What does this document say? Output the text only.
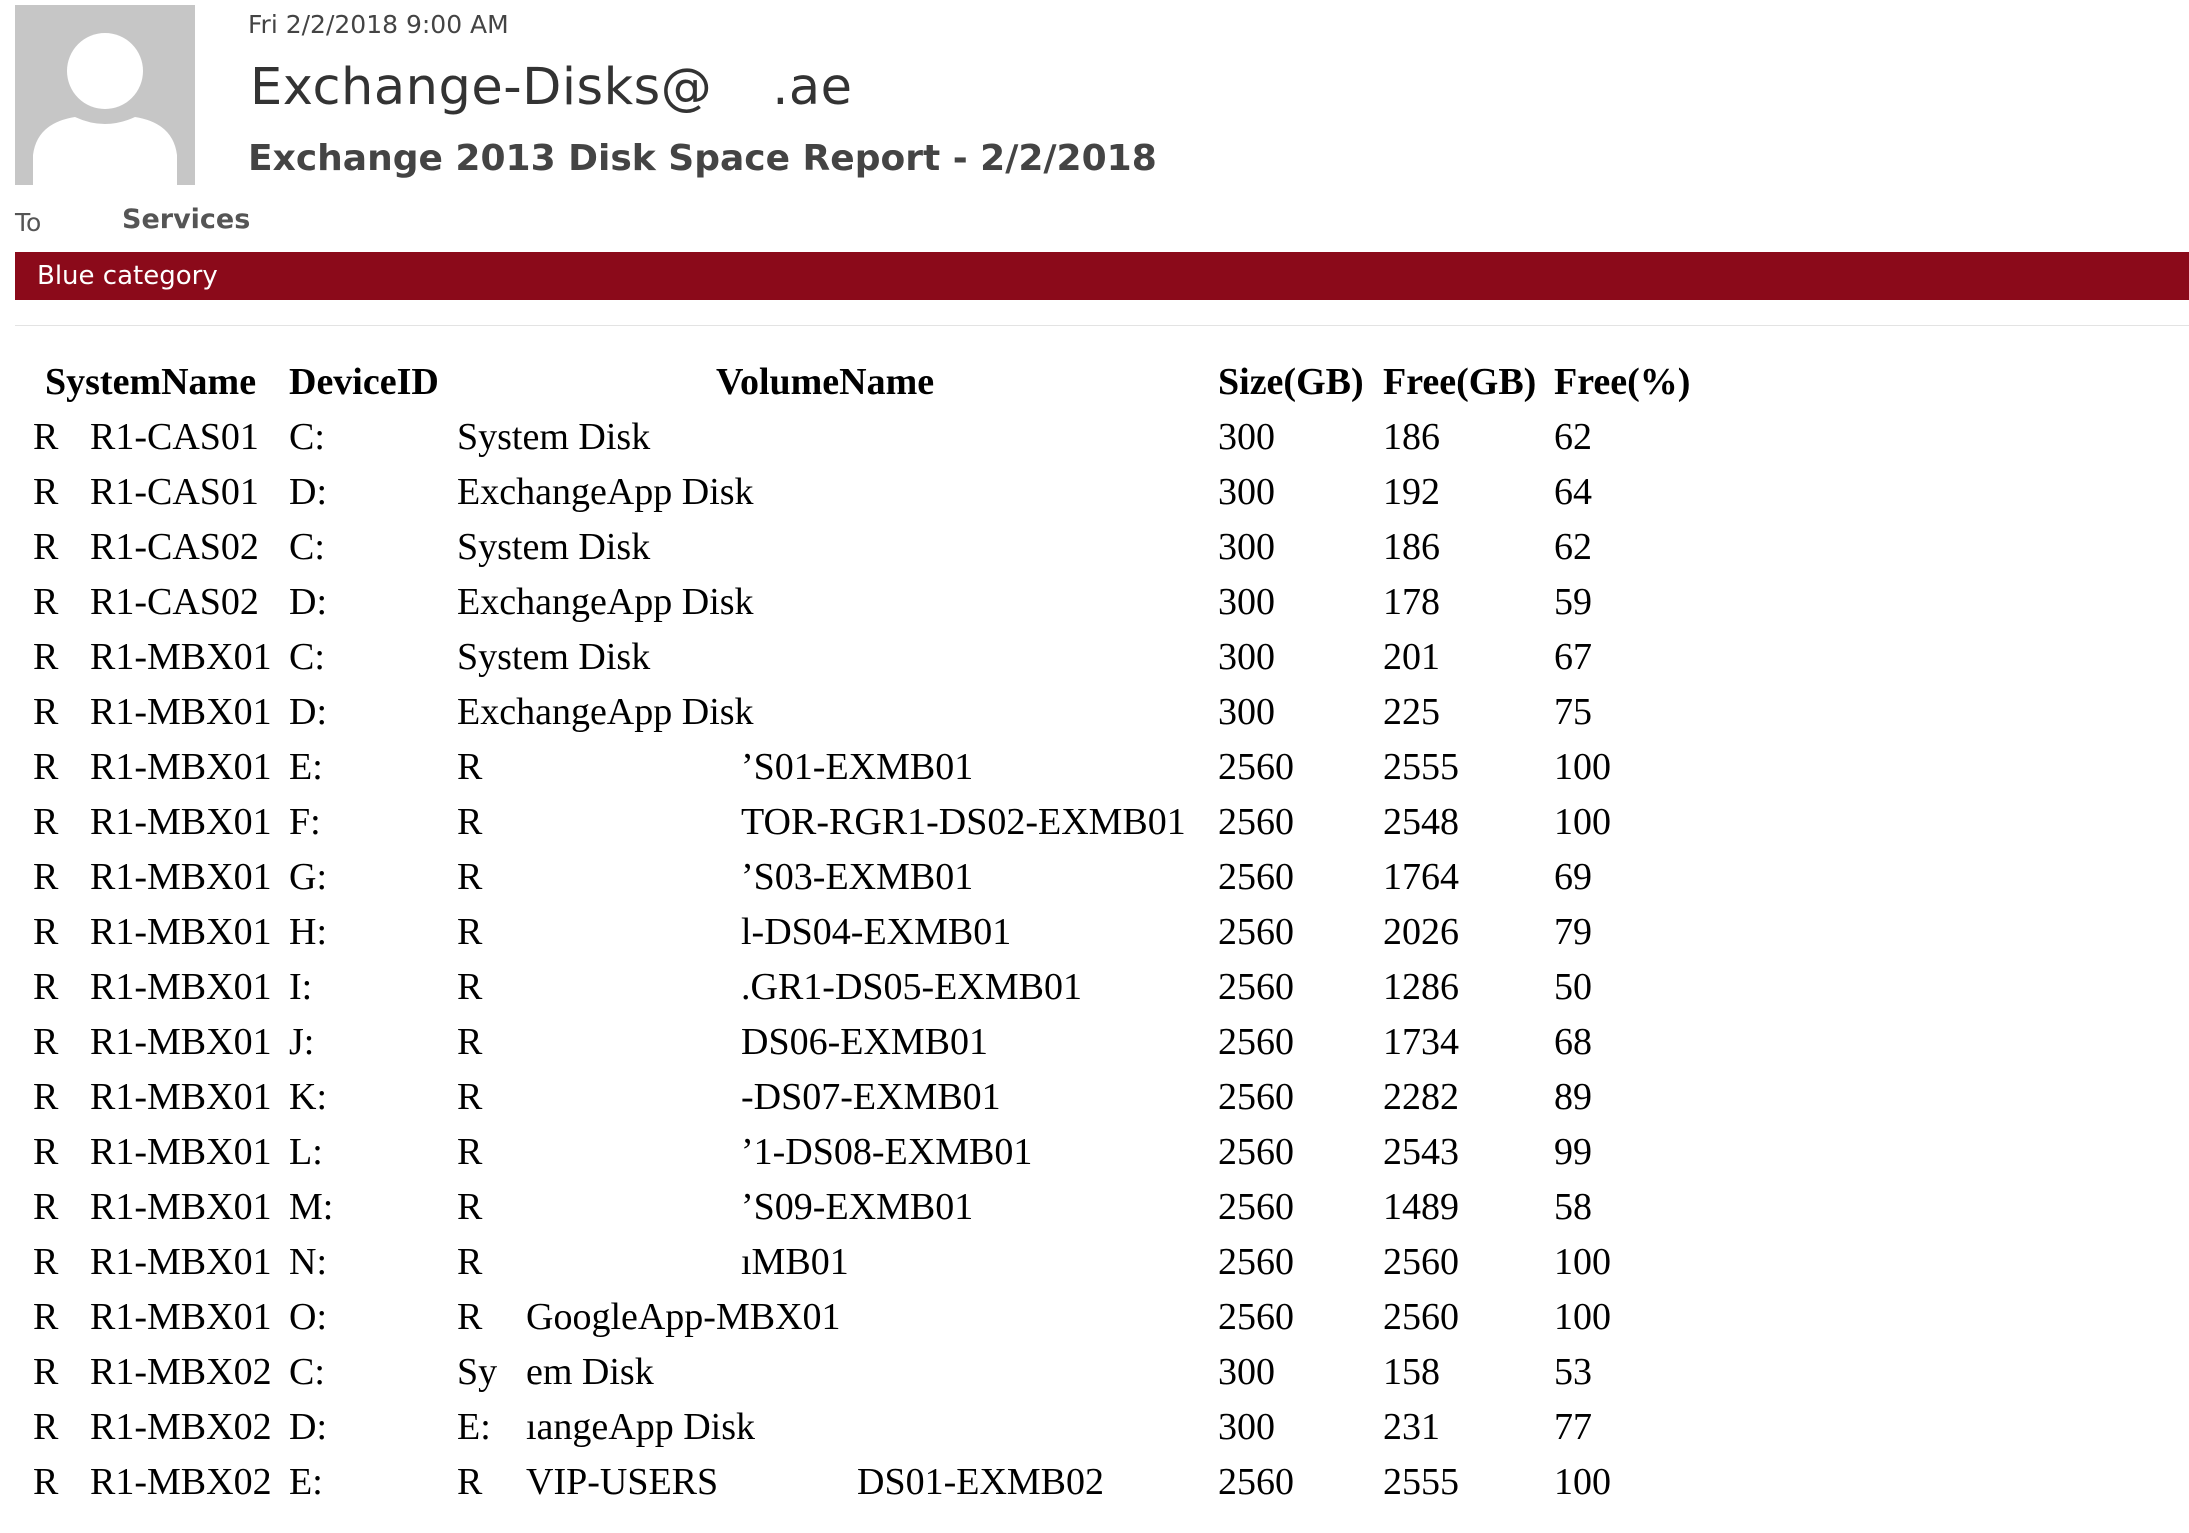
Fri 2/2/2018 9:00 AM
Exchange-Disks@ .ae
Exchange 2013 Disk Space Report - 2/2/2018
To	Services
Blue category
SystemName DeviceID	VolumeName	Size(GB) Free(GB) Free(%)
R R1-CAS01 C:	System Disk	300	186	62
R R1-CAS01 D:	ExchangeApp Disk	300	192	64
R R1-CAS02 C:	System Disk	300	186	62
R R1-CAS02 D:	ExchangeApp Disk	300	178	59
R R1-MBX01 C:	System Disk	300	201	67
R R1-MBX01 D:	ExchangeApp Disk	300	225	75
R R1-MBX01 E:	R	’S01-EXMB01	2560 2555	100
R R1-MBX01 F:	R	TOR-RGR1-DS02-EXMB01 2560 2548	100
R R1-MBX01 G:	R	’S03-EXMB01	2560 1764	69
R R1-MBX01 H:	R	l-DS04-EXMB01	2560 2026	79
R R1-MBX01 I:	R	.GR1-DS05-EXMB01	2560 1286	50
R R1-MBX01 J:	R	DS06-EXMB01	2560 1734	68
R R1-MBX01 K:	R	-DS07-EXMB01	2560 2282	89
R R1-MBX01 L:	R	’1-DS08-EXMB01	2560 2543	99
R R1-MBX01 M:	R	’S09-EXMB01	2560 1489	58
R R1-MBX01 N:	R	ıMB01	2560 2560	100
R R1-MBX01 O:	R GoogleApp-MBX01	2560 2560	100
R R1-MBX02 C:	Sy em Disk	300	158	53
R R1-MBX02 D:	E: ıangeApp Disk	300	231	77
R R1-MBX02 E:	R VIP-USERS	DS01-EXMB02	2560 2555	100
